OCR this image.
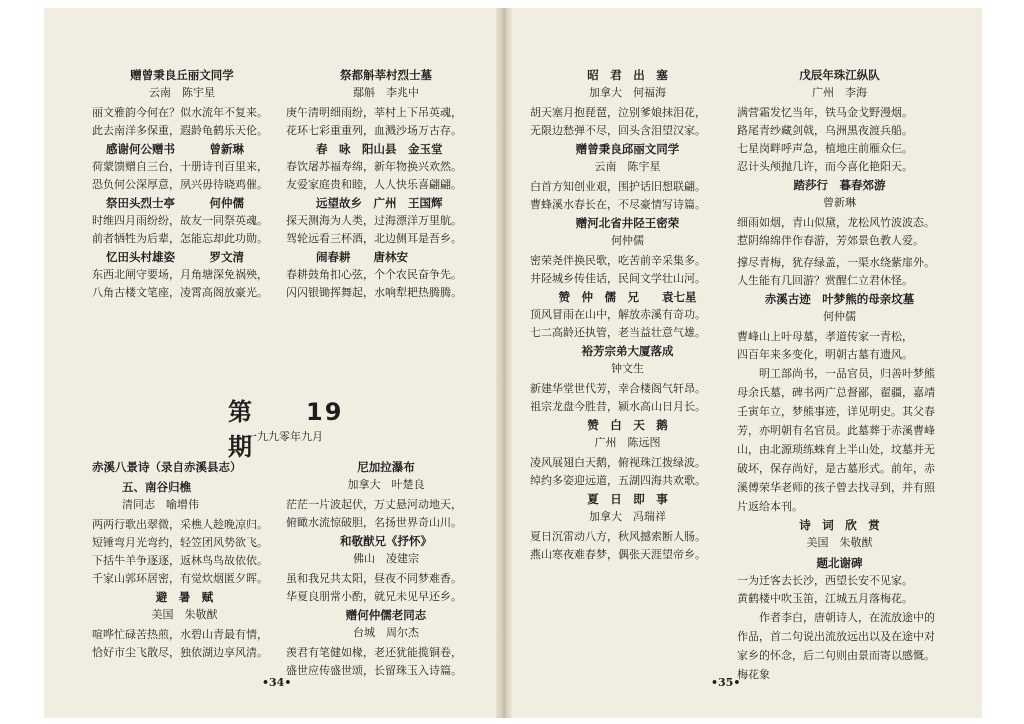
赠曾秉良丘丽文同学
云南　陈宇星
丽文雅韵今何在？似水流年不复来。
此去南洋多保重，遐龄龟鹤乐天伦。
感谢何公赠书　　　曾新琳
荷蒙馈赠自三台，十册诗刊百里来，
恐负何公深厚意，夙兴毋待晓鸡催。
祭田头烈士亭　　　何仲儒
时维四月雨纷纷，故友一同祭英魂。
前者牺牲为后辈，怎能忘却此功勋。
忆田头村雄姿　　　罗文清
东西北闸守要场，月角塘深免祸殃，
八角古楼文笔座，凌霄高阁放豪光。
祭都斛莘村烈士墓
鄢斛　李兆中
庚午清明细雨纷，莘村上下吊英魂，
花环七彩重重列，血溅沙场万古存。
春　咏　阳山县　金玉堂
春饮屠苏福寿绵，新年物换兴欢然。
友爱家庭贵和睦，人人快乐喜翩翩。
远望故乡　广州　王国辉
探天测海为人类，过海漂洋万里航。
驾轮远看三杯酒，北边侧耳是吾乡。
闹春耕　　唐林安
春耕鼓角扣心弦，个个农民奋争先。
闪闪银锄挥舞起，水响犁耙热腾腾。
第　　19　　期
一九九零年九月
赤溪八景诗（录自赤溪县志）
五、南谷归樵
清同志　喻增伟
两两行歌出翠微，采樵人趁晚凉归。
短锤弯月光弯约，轻笠团风势欲飞。
下括牛羊争逐逐，返林鸟鸟故依依。
千家山郭环居密，有觉炊烟匿夕晖。
避　暑　赋
美国　朱敬猷
喧哗忙碌苦热煎，水碧山青最有情，
恰好市尘飞散尽，独依湖边享风清。
尼加拉瀑布
加拿大　叶楚良
茫茫一片波起伏，万丈悬河动地天，
俯瞰水流惊破胆，名扬世界奇山川。
和敬猷兄《抒怀》
佛山　凌建宗
虽和我兄共太阳，昼夜不同梦难香。
华夏良朋常小酌，就兄未见早还乡。
赠何仲儒老同志
台城　周尔杰
羡君有笔健如椽，老还犹能揽铜卷，
盛世应传盛世颂，长留珠玉入诗篇。
•34•
昭　君　出　塞
加拿大　何福海
胡天塞月抱琵琶，泣别爹娘抹泪花，
无限边愁弹不尽，回头含泪望汉家。
赠曾秉良邱丽文同学
云南　陈宇星
白首方知创业艰，围护话旧想联翩。
曹蜂溪水春长在，不尽豪情写诗篇。
赠河北省井陉王密荣
何仲儒
密荣尧伴换民歌，吃苦前辛采集多。
井陉城乡传佳话，民间文学壮山河。
赞　仲　儒　兄　　袁七星
顶风冒雨在山中，解放赤溪有奇功。
七二高龄还执管，老当益壮意气雄。
裕芳宗弟大厦落成
钟文生
新建华堂世代芳，幸合楼阁气轩昂。
祖宗龙盘今胜昔，颍水高山日月长。
赞　白　天　鹅
广州　陈远图
凌风展翅白天鹅，俯视珠江拨绿波。
绰约多姿迎远道，五湖四海共欢歌。
夏　日　即　事
加拿大　冯瑞祥
夏日沉雷动八方，秋风撼索断人肠。
燕山寒夜难春梦，偶张天涯望帝乡。
戊辰年珠江纵队
广州　李海
满营霜发忆当年，铁马金戈野漫烟。
路尾青纱藏剑戟，乌洲黑夜渡兵船。
七星岗畔呼声急，植地庄前雁众仨。
忍计头颅抛几许，而今喜化艳阳天。
踏莎行　暮春郊游
曾新琳
细雨如烟，青山似黛，龙松风竹波波态。
惹阴绵绵伴作春游，芳郊景色教人爱。
撑尽青梅，犹存绿盖，一渠水绕紫扉外。
人生能有几回游？赏醒仁立君休怪。
赤溪古迹　叶梦熊的母亲坟墓
何仲儒
曹峰山上叶母墓，孝道传家一青松，
四百年来多变化，明朝古墓有遗风。
明工部尚书，一品官员，归善叶梦熊母余氏墓，碑书两广总督鄙，翟疆，嘉靖壬寅年立，梦熊事迹，详见明史。其父春芳，亦明朝有名官员。此墓葬于赤溪曹峰山，由北源琐练蛛育上半山处，坟墓并无破坏，保存尚好，是古墓形式。前年，赤溪傅荣华老师的孩子曾去找寻到，并有照片返给本刊。
诗　词　欣　赏
美国　朱敬猷
题北谢碑
一为迁客去长沙，西望长安不见家。
黄鹤楼中吹玉笛，江城五月落梅花。
作者李白，唐朝诗人，在流放途中的作品，首二句说出流放远出以及在途中对家乡的怀念，后二句则由景而寄以感慨。梅花象
•35•
